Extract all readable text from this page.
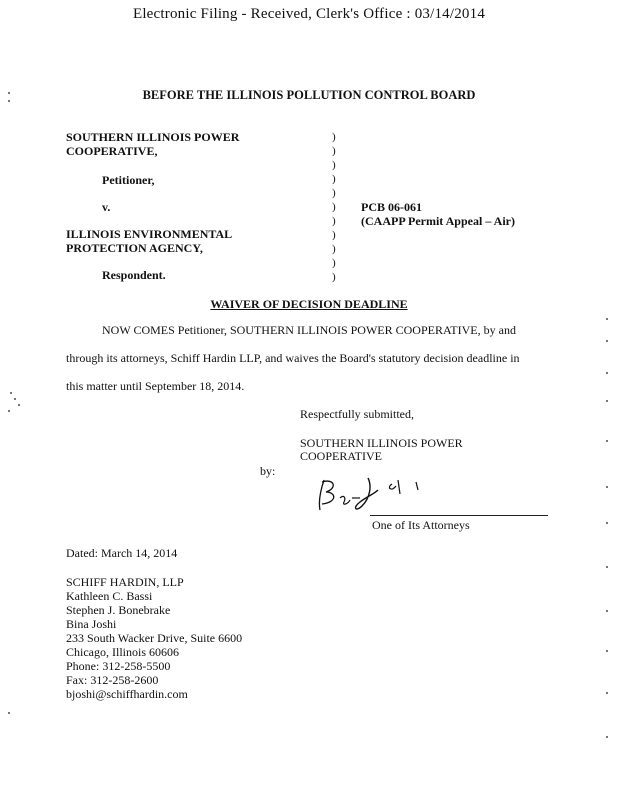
Electronic Filing - Received, Clerk's Office : 03/14/2014
BEFORE THE ILLINOIS POLLUTION CONTROL BOARD
SOUTHERN ILLINOIS POWER
COOPERATIVE,
Petitioner,
v.
ILLINOIS ENVIRONMENTAL
PROTECTION AGENCY,
Respondent.
)
)
)
)
)
)
)
)
)
)
)
PCB 06-061
(CAAPP Permit Appeal – Air)
WAIVER OF DECISION DEADLINE
NOW COMES Petitioner, SOUTHERN ILLINOIS POWER COOPERATIVE, by and
through its attorneys, Schiff Hardin LLP, and waives the Board's statutory decision deadline in
this matter until September 18, 2014.
Respectfully submitted,
SOUTHERN ILLINOIS POWER
COOPERATIVE
by:
One of Its Attorneys
Dated: March 14, 2014
SCHIFF HARDIN, LLP
Kathleen C. Bassi
Stephen J. Bonebrake
Bina Joshi
233 South Wacker Drive, Suite 6600
Chicago, Illinois 60606
Phone: 312-258-5500
Fax: 312-258-2600
bjoshi@schiffhardin.com
